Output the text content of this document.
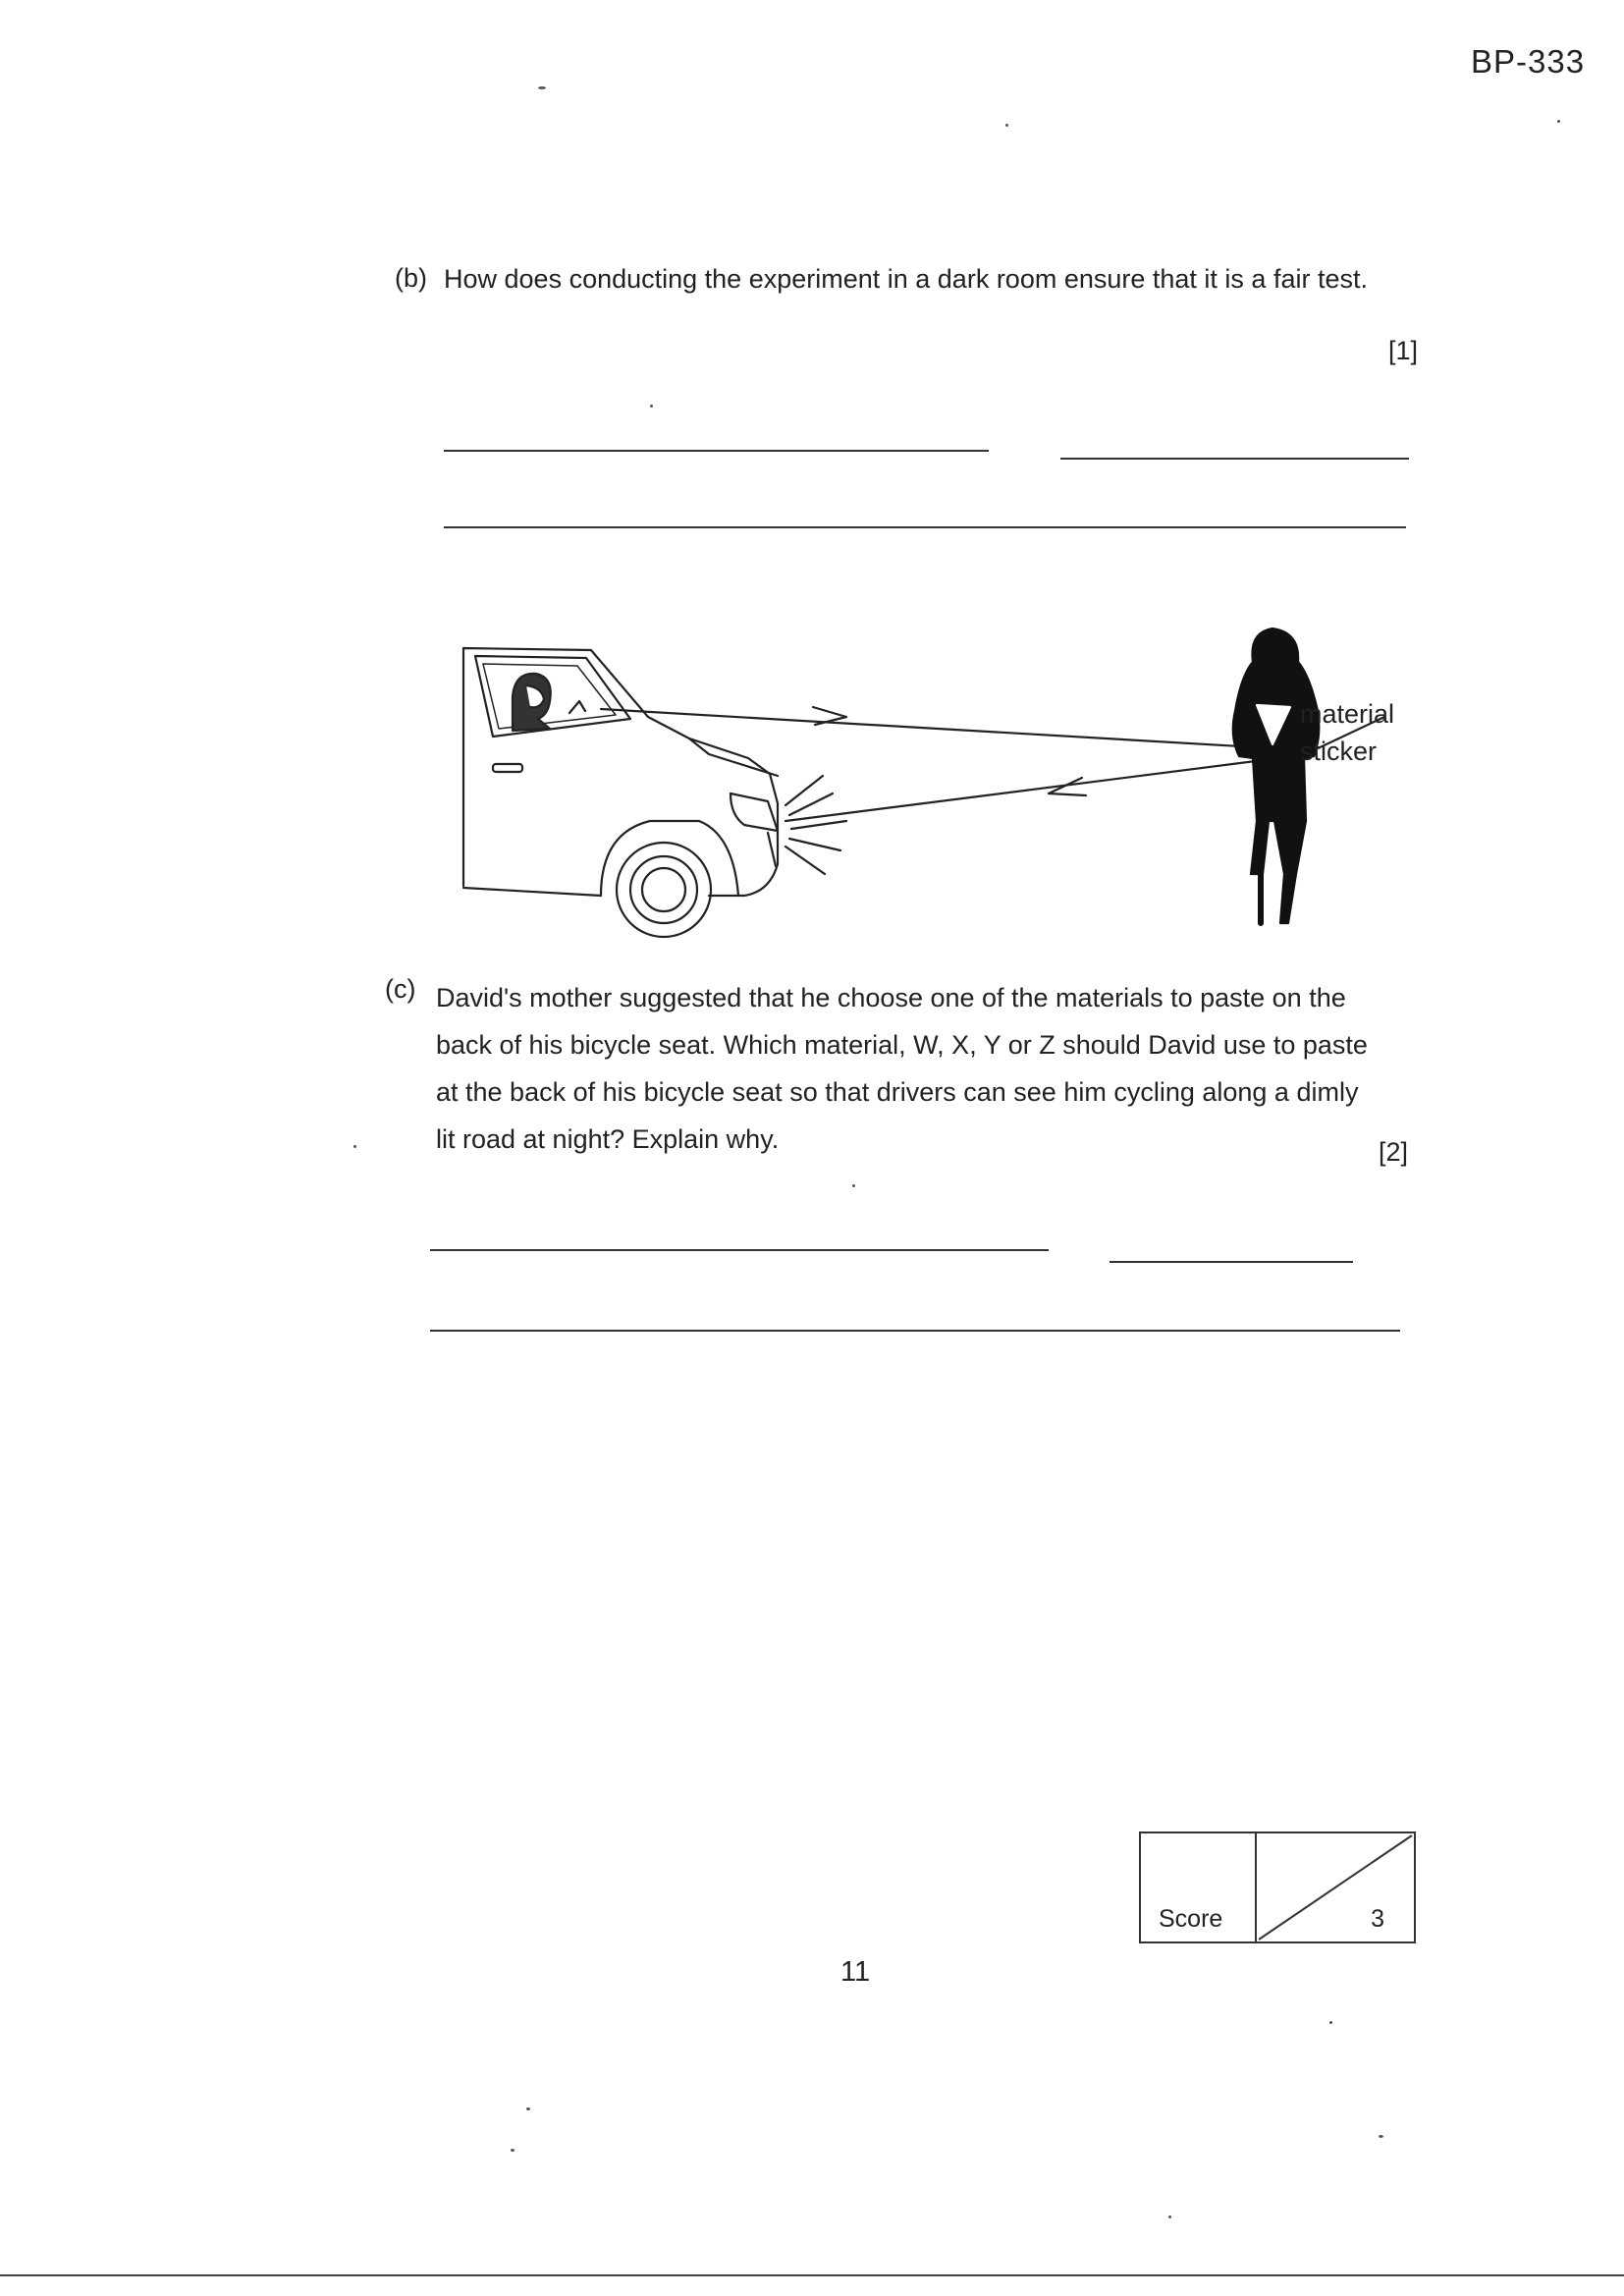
BP-333
(b) How does conducting the experiment in a dark room ensure that it is a fair test.
[1]
material
sticker
(c) David's mother suggested that he choose one of the materials to paste on the
back of his bicycle seat. Which material, W, X, Y or Z should David use to paste
at the back of his bicycle seat so that drivers can see him cycling along a dimly
lit road at night? Explain why.	[2]
Score	3
11
